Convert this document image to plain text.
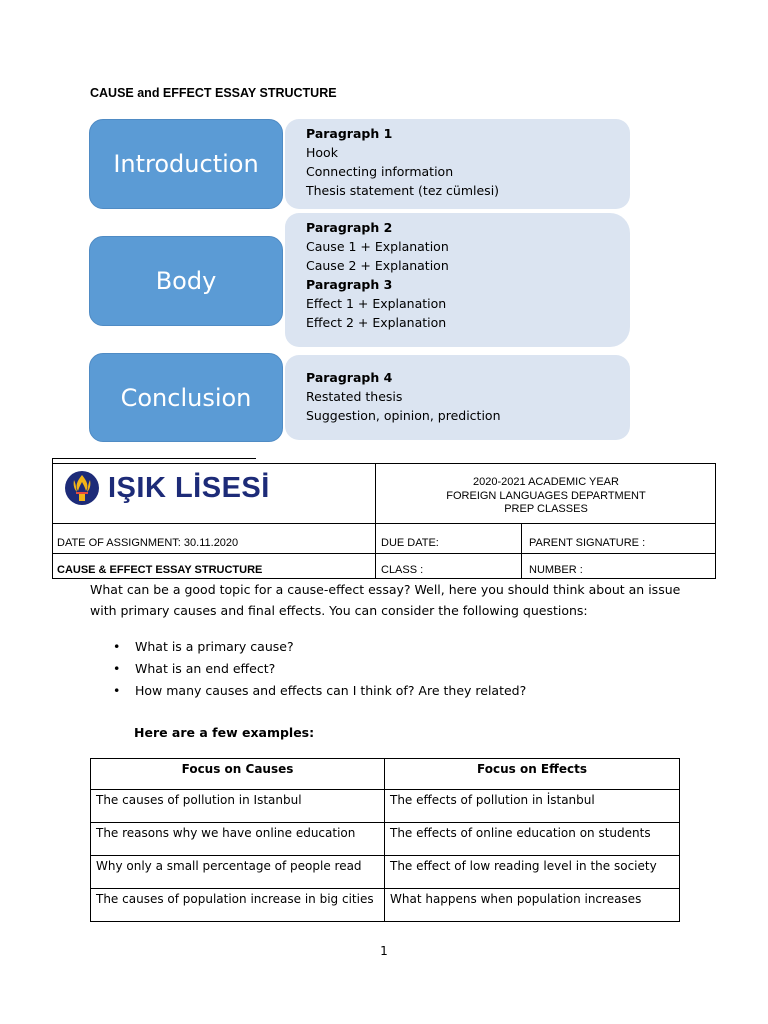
CAUSE and EFFECT ESSAY STRUCTURE
Paragraph 1
Hook
Connecting information
Thesis statement (tez cümlesi)
Introduction
Paragraph 2
Cause 1 + Explanation
Cause 2 + Explanation
Paragraph 3
Effect 1 + Explanation
Effect 2 + Explanation
Body
Paragraph 4
Restated thesis
Suggestion, opinion, prediction
Conclusion
IŞIK LİSESİ	2020-2021 ACADEMIC YEAR
FOREIGN LANGUAGES DEPARTMENT
PREP CLASSES
DATE OF ASSIGNMENT: 30.11.2020	DUE DATE:	PARENT SIGNATURE :
CAUSE & EFFECT ESSAY STRUCTURE	CLASS :	NUMBER :
What can be a good topic for a cause-effect essay? Well, here you should think about an issue with primary causes and final effects. You can consider the following questions:
• What is a primary cause?
• What is an end effect?
• How many causes and effects can I think of? Are they related?
Here are a few examples:
Focus on Causes	Focus on Effects
The causes of pollution in Istanbul	The effects of pollution in İstanbul
The reasons why we have online education	The effects of online education on students
Why only a small percentage of people read	The effect of low reading level in the society
The causes of population increase in big cities	What happens when population increases
1
